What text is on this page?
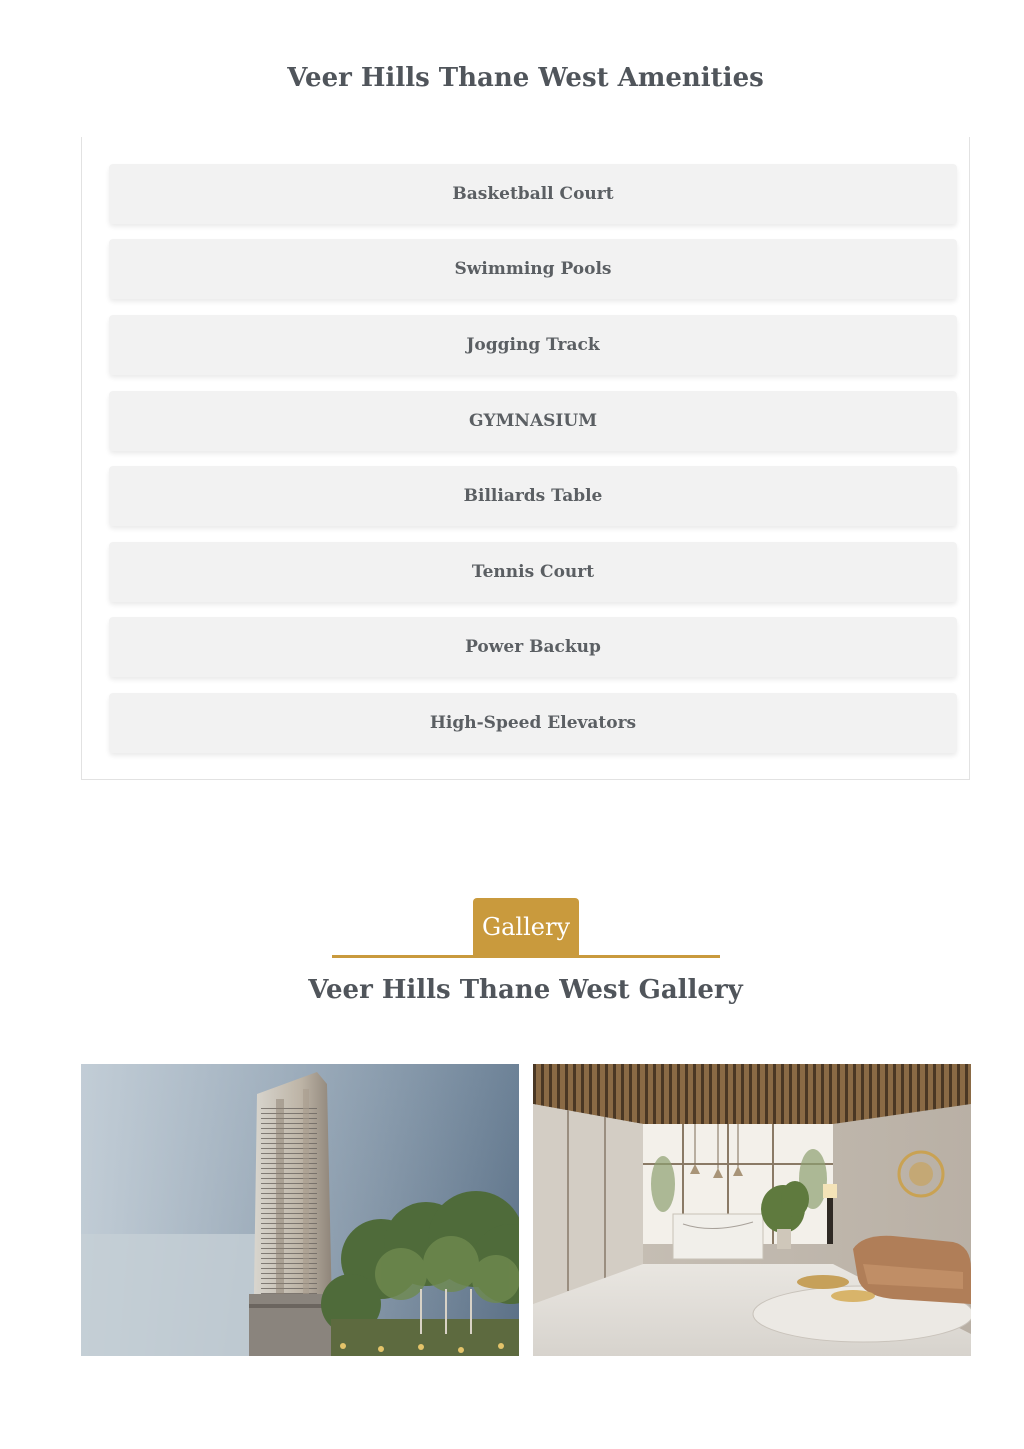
Veer Hills Thane West Amenities
Basketball Court
Swimming Pools
Jogging Track
GYMNASIUM
Billiards Table
Tennis Court
Power Backup
High-Speed Elevators
Gallery
Veer Hills Thane West Gallery
